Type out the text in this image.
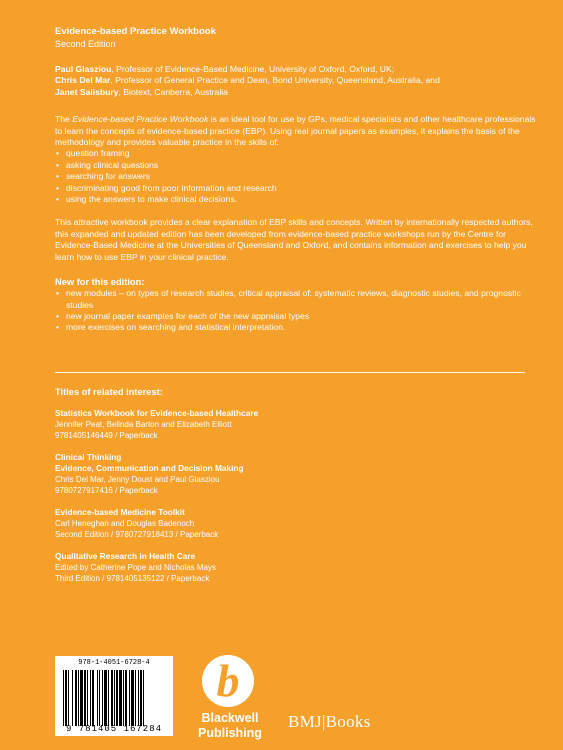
Evidence-based Practice Workbook
Second Edition
Paul Glasziou, Professor of Evidence-Based Medicine, University of Oxford, Oxford, UK;
Chris Del Mar, Professor of General Practice and Dean, Bond University, Queensland, Australia, and
Janet Salisbury, Biotext, Canberra, Australia
The Evidence-based Practice Workbook is an ideal tool for use by GPs, medical specialists and other healthcare professionals to learn the concepts of evidence-based practice (EBP). Using real journal papers as examples, it explains the basis of the methodology and provides valuable practice in the skills of:
• question framing
• asking clinical questions
• searching for answers
• discriminating good from poor information and research
• using the answers to make clinical decisions.
This attractive workbook provides a clear explanation of EBP skills and concepts. Written by internationally respected authors, this expanded and updated edition has been developed from evidence-based practice workshops run by the Centre for Evidence-Based Medicine at the Universities of Queensland and Oxford, and contains information and exercises to help you learn how to use EBP in your clinical practice.
New for this edition:
• new modules – on types of research studies, critical appraisal of: systematic reviews, diagnostic studies, and prognostic studies
• new journal paper examples for each of the new appraisal types
• more exercises on searching and statistical interpretation.
Titles of related interest:
Statistics Workbook for Evidence-based Healthcare
Jennifer Peat, Belinda Barton and Elizabeth Elliott
9781405146449 / Paperback
Clinical Thinking
Evidence, Communication and Decision Making
Chris Del Mar, Jenny Doust and Paul Glasziou
9780727917416 / Paperback
Evidence-based Medicine Toolkit
Carl Heneghan and Douglas Badenoch
Second Edition / 9780727918413 / Paperback
Qualitative Research in Health Care
Edited by Catherine Pope and Nicholas Mays
Third Edition / 9781405135122 / Paperback
978-1-4051-6728-4
9 781405 167284
b
Blackwell
Publishing
BMJ|Books
